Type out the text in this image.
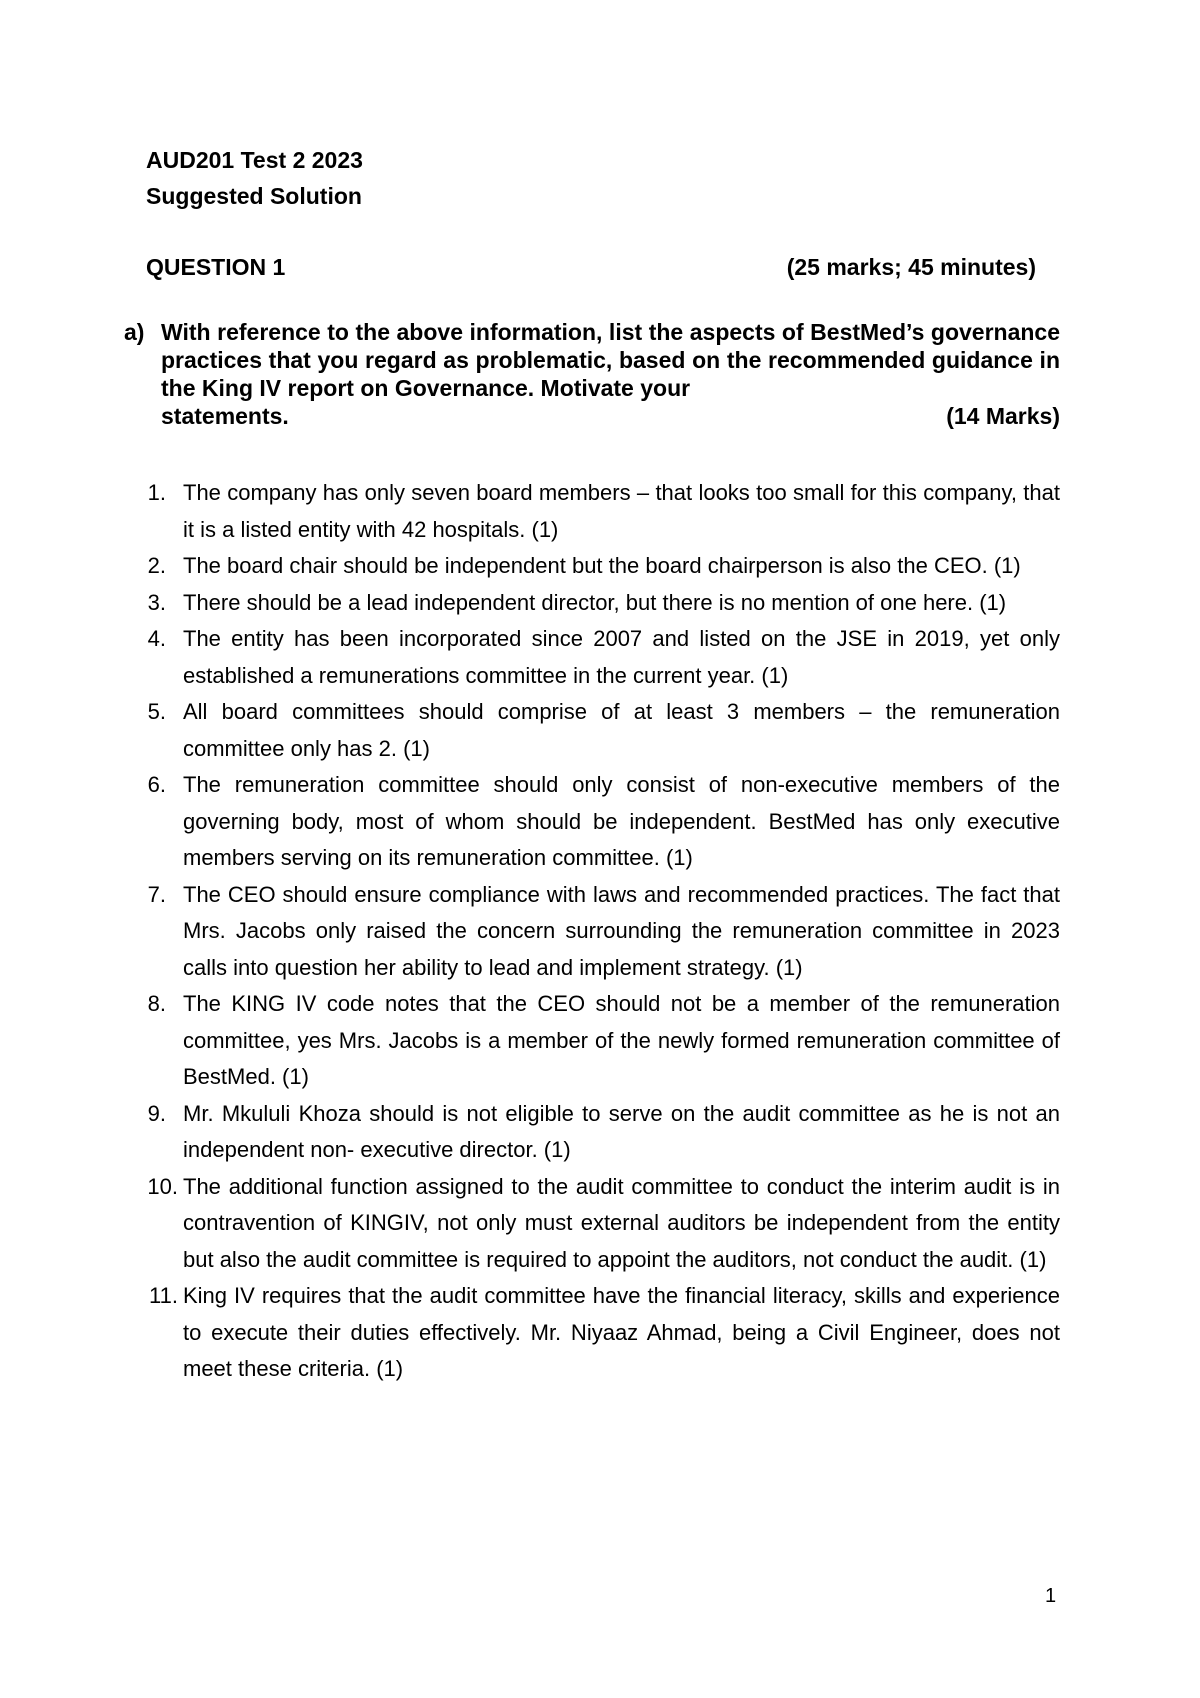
AUD201 Test 2 2023
Suggested Solution
QUESTION 1	(25 marks; 45 minutes)
a) With reference to the above information, list the aspects of BestMed’s governance practices that you regard as problematic, based on the recommended guidance in the King IV report on Governance. Motivate your
statements.	(14 Marks)
1. The company has only seven board members – that looks too small for this company, that it is a listed entity with 42 hospitals. (1)
2. The board chair should be independent but the board chairperson is also the CEO. (1)
3. There should be a lead independent director, but there is no mention of one here. (1)
4. The entity has been incorporated since 2007 and listed on the JSE in 2019, yet only established a remunerations committee in the current year. (1)
5. All board committees should comprise of at least 3 members – the remuneration committee only has 2. (1)
6. The remuneration committee should only consist of non-executive members of the governing body, most of whom should be independent. BestMed has only executive members serving on its remuneration committee. (1)
7. The CEO should ensure compliance with laws and recommended practices. The fact that Mrs. Jacobs only raised the concern surrounding the remuneration committee in 2023 calls into question her ability to lead and implement strategy. (1)
8. The KING IV code notes that the CEO should not be a member of the remuneration committee, yes Mrs. Jacobs is a member of the newly formed remuneration committee of BestMed. (1)
9. Mr. Mkululi Khoza should is not eligible to serve on the audit committee as he is not an independent non- executive director. (1)
10. The additional function assigned to the audit committee to conduct the interim audit is in contravention of KINGIV, not only must external auditors be independent from the entity but also the audit committee is required to appoint the auditors, not conduct the audit. (1)
11. King IV requires that the audit committee have the financial literacy, skills and experience to execute their duties effectively. Mr. Niyaaz Ahmad, being a Civil Engineer, does not meet these criteria. (1)
1
